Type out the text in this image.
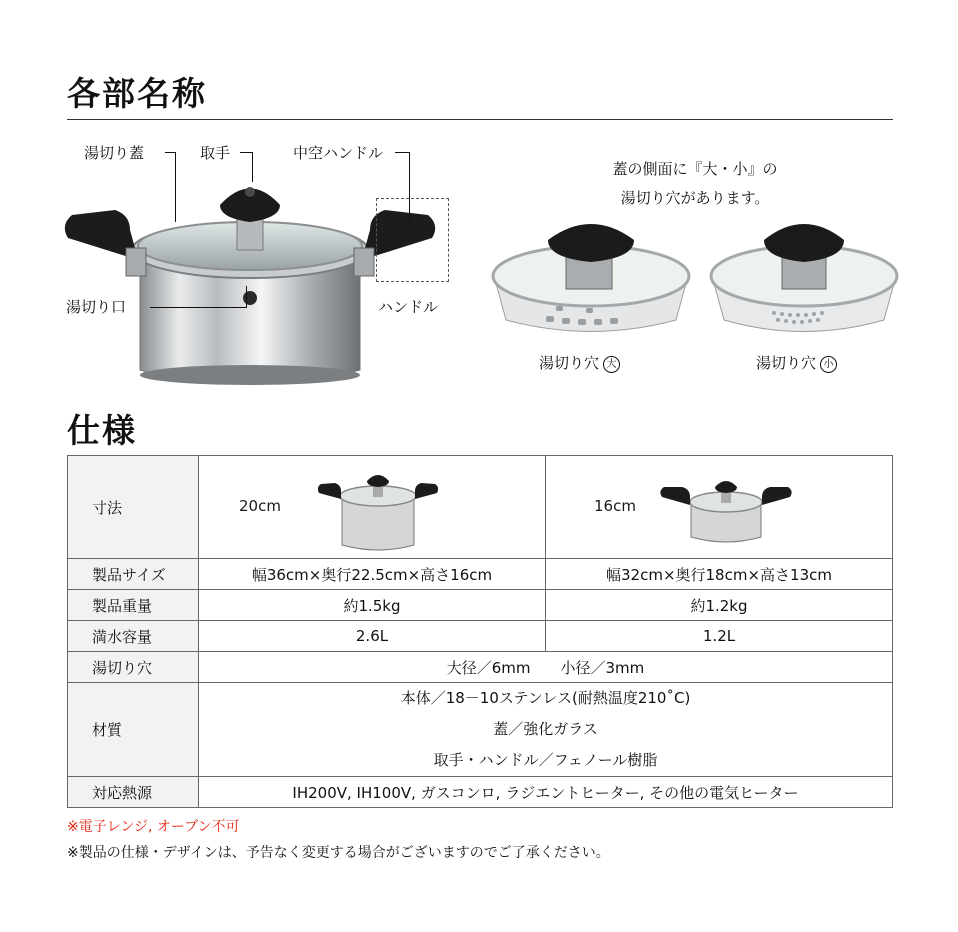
各部名称
湯切り蓋	取手	中空ハンドル
湯切り口	ハンドル
蓋の側面に『大・小』の
湯切り穴があります。
湯切り穴 大	湯切り穴 小
仕様
寸法	20cm	16cm

製品サイズ	幅36cm×奥行22.5cm×高さ16cm	幅32cm×奥行18cm×高さ13cm
製品重量	約1.5kg	約1.2kg
満水容量	2.6L	1.2L
湯切り穴	大径／6mm　　小径／3mm	
材質	本体／18－10ステンレス(耐熱温度210˚C)
蓋／強化ガラス
取手・ハンドル／フェノール樹脂	

対応熱源	IH200V, IH100V, ガスコンロ, ラジエントヒーター, その他の電気ヒーター	
※電子レンジ, オーブン不可
※製品の仕様・デザインは、予告なく変更する場合がございますのでご了承ください。
